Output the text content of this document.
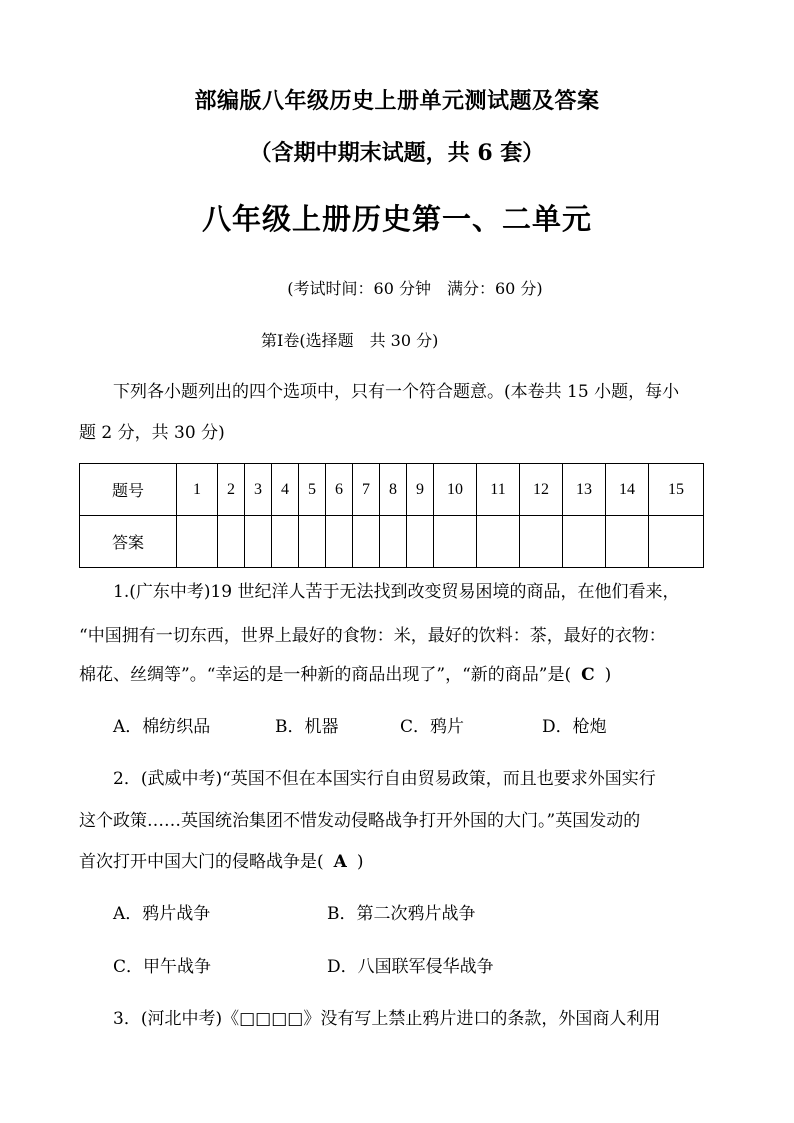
部编版八年级历史上册单元测试题及答案
（含期中期末试题，共 6 套）
八年级上册历史第一、二单元
(考试时间：60 分钟　满分：60 分)
第Ⅰ卷(选择题　共 30 分)
下列各小题列出的四个选项中，只有一个符合题意。(本卷共 15 小题，每小
题 2 分，共 30 分)
题号	1	2	3	4	5	6	7	8	9	10	11	12	13	14	15
答案															
1.(广东中考)19 世纪洋人苦于无法找到改变贸易困境的商品，在他们看来，
“中国拥有一切东西，世界上最好的食物：米，最好的饮料：茶，最好的衣物：
棉花、丝绸等”。“幸运的是一种新的商品出现了”，“新的商品”是( C )
A．棉纺织品	B．机器	C．鸦片	D．枪炮
2．(武威中考)“英国不但在本国实行自由贸易政策，而且也要求外国实行
这个政策……英国统治集团不惜发动侵略战争打开外国的大门。”英国发动的
首次打开中国大门的侵略战争是( A )
A．鸦片战争	B．第二次鸦片战争
C．甲午战争	D．八国联军侵华战争
3．(河北中考)《□□□□》没有写上禁止鸦片进口的条款，外国商人利用
